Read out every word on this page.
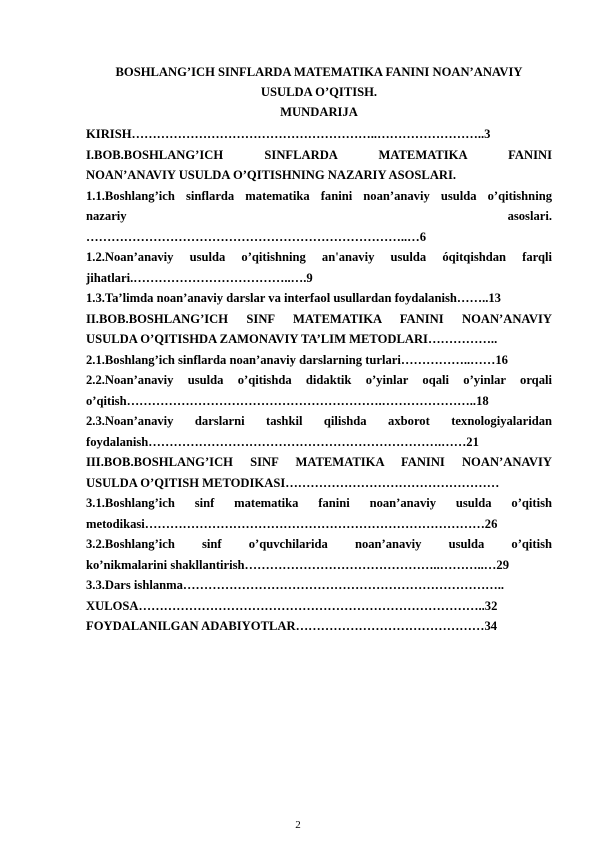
BOSHLANG’ICH SINFLARDA MATEMATIKA FANINI NOAN’ANAVIY

USULDA O’QITISH.

MUNDARIJA

KIRISH…………………………………………………..……………………..3
I.BOB.BOSHLANG’ICH SINFLARDA MATEMATIKA FANINI
NOAN’ANAVIY USULDA O’QITISHNING NAZARIY ASOSLARI.
1.1.Boshlang’ich sinflarda matematika fanini noan’anaviy usulda o’qitishning
nazariy asoslari.
…………………………………………………………………..…6
1.2.Noan’anaviy usulda o’qitishning an'anaviy usulda óqitqishdan farqli
jihatlari.………………………………..….9
1.3.Ta’limda noan’anaviy darslar va interfaol usullardan foydalanish……..13
II.BOB.BOSHLANG’ICH SINF MATEMATIKA FANINI NOAN’ANAVIY
USULDA O’QITISHDA ZAMONAVIY TA’LIM METODLARI……………..
2.1.Boshlang’ich sinflarda noan’anaviy darslarning turlari……………..……16
2.2.Noan’anaviy usulda o’qitishda didaktik o’yinlar oqali o’yinlar orqali
o’qitish…………………………………………………….…………………..18
2.3.Noan’anaviy darslarni tashkil qilishda axborot texnologiyalaridan
foydalanish…………………………………………………………….……21
III.BOB.BOSHLANG’ICH SINF MATEMATIKA FANINI NOAN’ANAVIY
USULDA O’QITISH METODIKASI……………………………………………
3.1.Boshlang’ich sinf matematika fanini noan’anaviy usulda o’qitish
metodikasi………………………………………………………………………26
3.2.Boshlang’ich sinf o’quvchilarida noan’anaviy usulda o’qitish
ko’nikmalarini shakllantirish………………………………………..………..…29
3.3.Dars ishlanma…………………………………………………………………..
XULOSA………………………………………………………………………..32
FOYDALANILGAN ADABIYOTLAR………………………………………34
2
